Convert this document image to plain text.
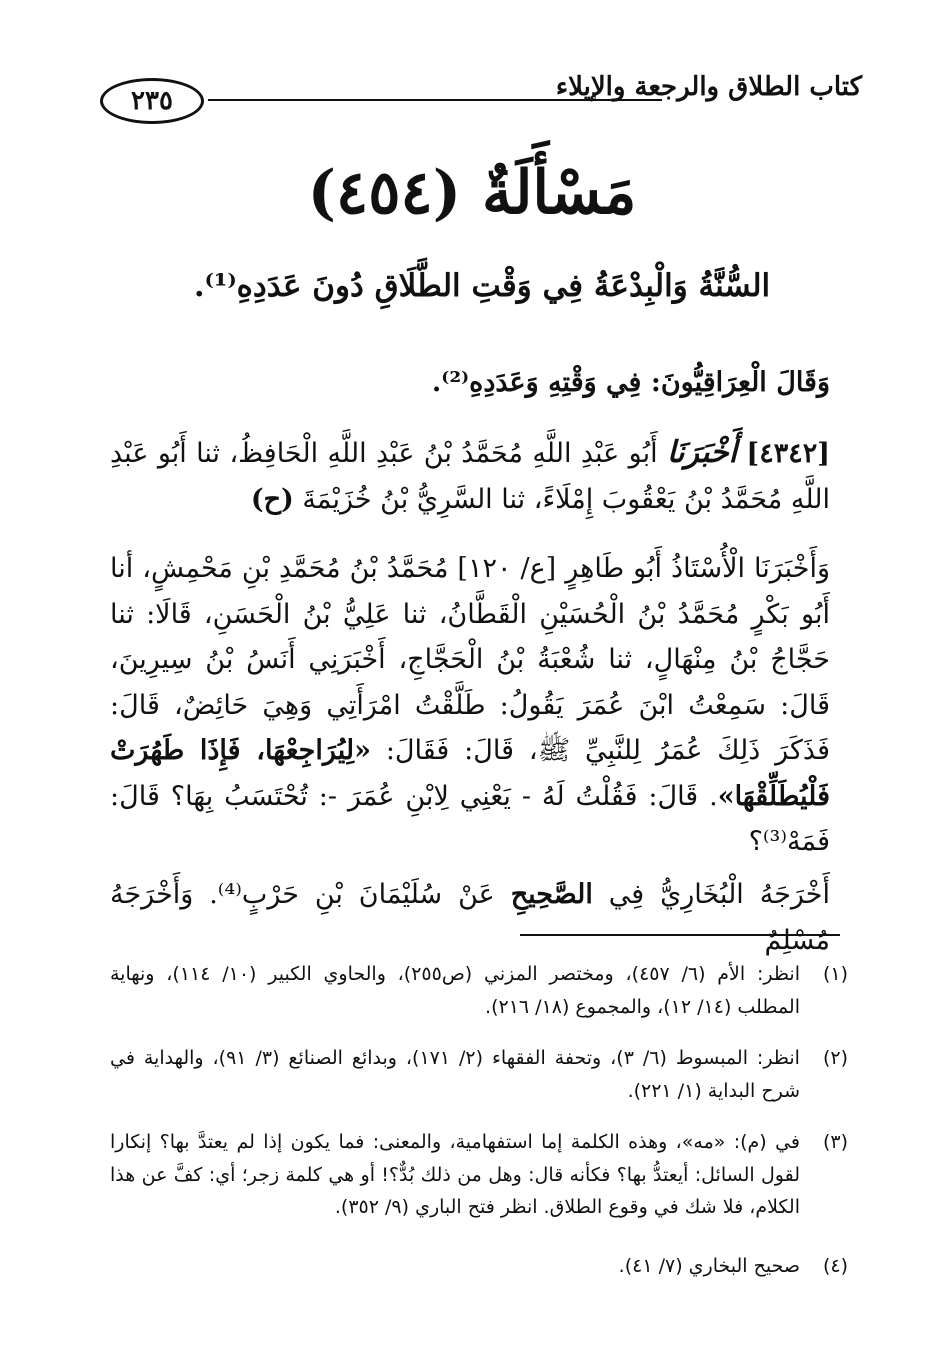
٢٣٥	كتاب الطلاق والرجعة والإيلاء
مَسْأَلَةٌ (٤٥٤)
السُّنَّةُ وَالْبِدْعَةُ فِي وَقْتِ الطَّلَاقِ دُونَ عَدَدِهِ⁽¹⁾.
وَقَالَ الْعِرَاقِيُّونَ: فِي وَقْتِهِ وَعَدَدِهِ⁽²⁾.
[٤٣٤٢] أَخْبَرَنَا أَبُو عَبْدِ اللَّهِ مُحَمَّدُ بْنُ عَبْدِ اللَّهِ الْحَافِظُ، ثنا أَبُو عَبْدِ اللَّهِ مُحَمَّدُ بْنُ يَعْقُوبَ إِمْلَاءً، ثنا السَّرِيُّ بْنُ خُزَيْمَةَ (ح)
وَأَخْبَرَنَا الْأُسْتَاذُ أَبُو طَاهِرٍ [ع/ ١٢٠] مُحَمَّدُ بْنُ مُحَمَّدِ بْنِ مَحْمِشٍ، أنا أَبُو بَكْرٍ مُحَمَّدُ بْنُ الْحُسَيْنِ الْقَطَّانُ، ثنا عَلِيُّ بْنُ الْحَسَنِ، قَالَا: ثنا حَجَّاجُ بْنُ مِنْهَالٍ، ثنا شُعْبَةُ بْنُ الْحَجَّاجِ، أَخْبَرَنِي أَنَسُ بْنُ سِيرِينَ، قَالَ: سَمِعْتُ ابْنَ عُمَرَ يَقُولُ: طَلَّقْتُ امْرَأَتِي وَهِيَ حَائِضٌ، قَالَ: فَذَكَرَ ذَلِكَ عُمَرُ لِلنَّبِيِّ ﷺ، قَالَ: فَقَالَ: «لِيُرَاجِعْهَا، فَإِذَا طَهُرَتْ فَلْيُطَلِّقْهَا». قَالَ: فَقُلْتُ لَهُ - يَعْنِي لِابْنِ عُمَرَ -: تُحْتَسَبُ بِهَا؟ قَالَ: فَمَهْ⁽³⁾؟
أَخْرَجَهُ الْبُخَارِيُّ فِي الصَّحِيحِ عَنْ سُلَيْمَانَ بْنِ حَرْبٍ⁽⁴⁾. وَأَخْرَجَهُ مُسْلِمٌ
(١)
انظر: الأم (٦/ ٤٥٧)، ومختصر المزني (ص٢٥٥)، والحاوي الكبير (١٠/ ١١٤)، ونهاية المطلب (١٤/ ١٢)، والمجموع (١٨/ ٢١٦).
(٢)
انظر: المبسوط (٦/ ٣)، وتحفة الفقهاء (٢/ ١٧١)، وبدائع الصنائع (٣/ ٩١)، والهداية في شرح البداية (١/ ٢٢١).
(٣)
في (م): «مه»، وهذه الكلمة إما استفهامية، والمعنى: فما يكون إذا لم يعتدَّ بها؟ إنكارا لقول السائل: أيعتدُّ بها؟ فكأنه قال: وهل من ذلك بُدٌّ؟! أو هي كلمة زجر؛ أي: كفَّ عن هذا الكلام، فلا شك في وقوع الطلاق. انظر فتح الباري (٩/ ٣٥٢).
(٤)
صحيح البخاري (٧/ ٤١).
